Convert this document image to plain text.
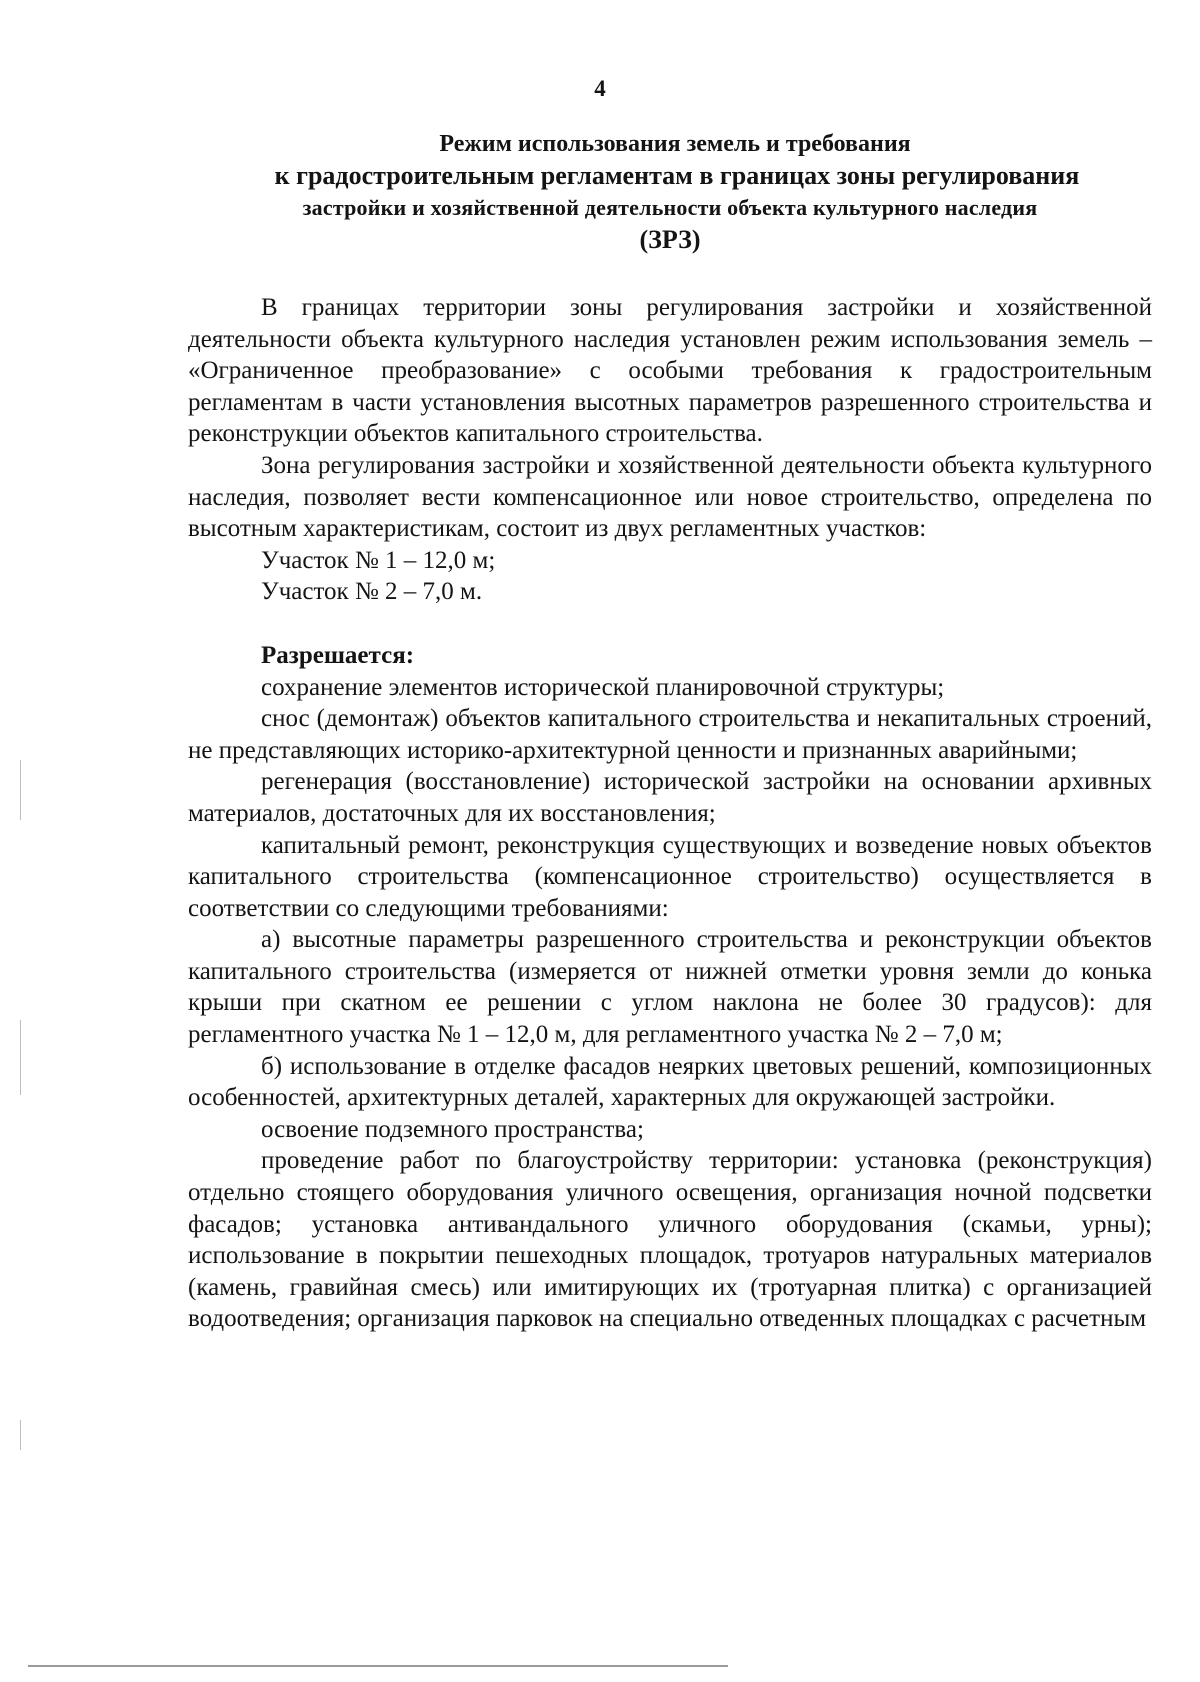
4
Режим использования земель и требования
к градостроительным регламентам в границах зоны регулирования
застройки и хозяйственной деятельности объекта культурного наследия
(ЗРЗ)

В границах территории зоны регулирования застройки и хозяйственной деятельности объекта культурного наследия установлен режим использования земель – «Ограниченное преобразование» с особыми требования к градостроительным регламентам в части установления высотных параметров разрешенного строительства и реконструкции объектов капитального строительства.

Зона регулирования застройки и хозяйственной деятельности объекта культурного наследия, позволяет вести компенсационное или новое строительство, определена по высотным характеристикам, состоит из двух регламентных участков:

Участок № 1 – 12,0 м;

Участок № 2 – 7,0 м.

Разрешается:

сохранение элементов исторической планировочной структуры;

снос (демонтаж) объектов капитального строительства и некапитальных строений, не представляющих историко-архитектурной ценности и признанных аварийными;

регенерация (восстановление) исторической застройки на основании архивных материалов, достаточных для их восстановления;

капитальный ремонт, реконструкция существующих и возведение новых объектов капитального строительства (компенсационное строительство) осуществляется в соответствии со следующими требованиями:

а) высотные параметры разрешенного строительства и реконструкции объектов капитального строительства (измеряется от нижней отметки уровня земли до конька крыши при скатном ее решении с углом наклона не более 30 градусов): для регламентного участка № 1 – 12,0 м, для регламентного участка № 2 – 7,0 м;

б) использование в отделке фасадов неярких цветовых решений, композиционных особенностей, архитектурных деталей, характерных для окружающей застройки.

освоение подземного пространства;

проведение работ по благоустройству территории: установка (реконструкция) отдельно стоящего оборудования уличного освещения, организация ночной подсветки фасадов; установка антивандального уличного оборудования (скамьи, урны); использование в покрытии пешеходных площадок, тротуаров натуральных материалов (камень, гравийная смесь) или имитирующих их (тротуарная плитка) с организацией водоотведения; организация парковок на специально отведенных площадках с расчетным
